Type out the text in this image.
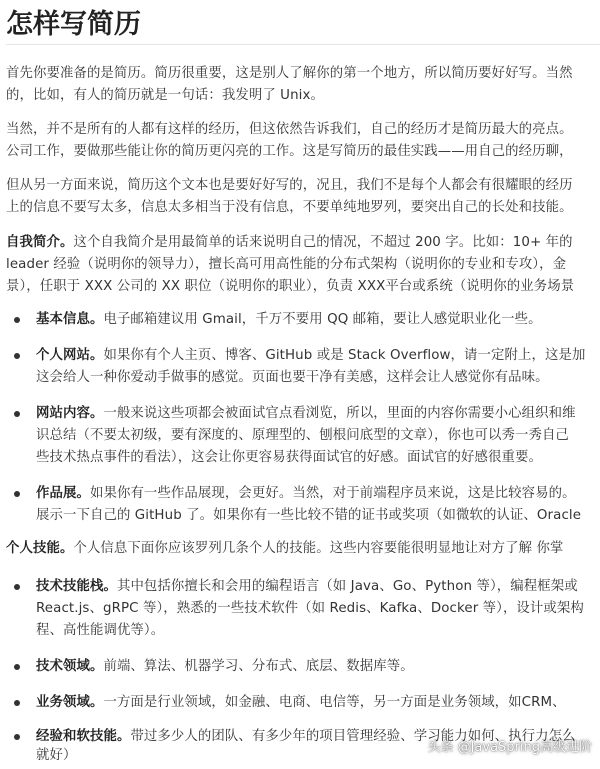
怎样写简历
首先你要准备的是简历。简历很重要，这是别人了解你的第一个地方，所以简历要好好写。当然
的，比如，有人的简历就是一句话：我发明了 Unix。
当然，并不是所有的人都有这样的经历，但这依然告诉我们，自己的经历才是简历最大的亮点。
公司工作，要做那些能让你的简历更闪亮的工作。这是写简历的最佳实践——用自己的经历聊，
但从另一方面来说，简历这个文本也是要好好写的，况且，我们不是每个人都会有很耀眼的经历
上的信息不要写太多，信息太多相当于没有信息，不要单纯地罗列，要突出自己的长处和技能。
自我简介。这个自我简介是用最简单的话来说明自己的情况，不超过 200 字。比如：10+ 年的
leader 经验（说明你的领导力），擅长高可用高性能的分布式架构（说明你的专业和专攻），金
景），任职于 XXX 公司的 XX 职位（说明你的职业），负责 XXX平台或系统（说明你的业务场景
基本信息。电子邮箱建议用 Gmail，千万不要用 QQ 邮箱，要让人感觉职业化一些。
个人网站。如果你有个人主页、博客、GitHub 或是 Stack Overflow，请一定附上，这是加
这会给人一种你爱动手做事的感觉。页面也要干净有美感，这样会让人感觉你有品味。
网站内容。一般来说这些项都会被面试官点看浏览，所以，里面的内容你需要小心组织和维
识总结（不要太初级，要有深度的、原理型的、刨根问底型的文章），你也可以秀一秀自己
些技术热点事件的看法），这会让你更容易获得面试官的好感。面试官的好感很重要。
作品展。如果你有一些作品展现，会更好。当然，对于前端程序员来说，这是比较容易的。
展示一下自己的 GitHub 了。如果你有一些比较不错的证书或奖项（如微软的认证、Oracle
个人技能。个人信息下面你应该罗列几条个人的技能。这些内容要能很明显地让对方了解 你掌
技术技能栈。其中包括你擅长和会用的编程语言（如 Java、Go、Python 等），编程框架或
React.js、gRPC 等），熟悉的一些技术软件（如 Redis、Kafka、Docker 等），设计或架构
程、高性能调优等）。
技术领域。前端、算法、机器学习、分布式、底层、数据库等。
业务领域。一方面是行业领域，如金融、电商、电信等，另一方面是业务领域，如CRM、
经验和软技能。带过多少人的团队、有多少年的项目管理经验、学习能力如何、执行力怎么
就好）
头条 @JavaSpring高级进阶
